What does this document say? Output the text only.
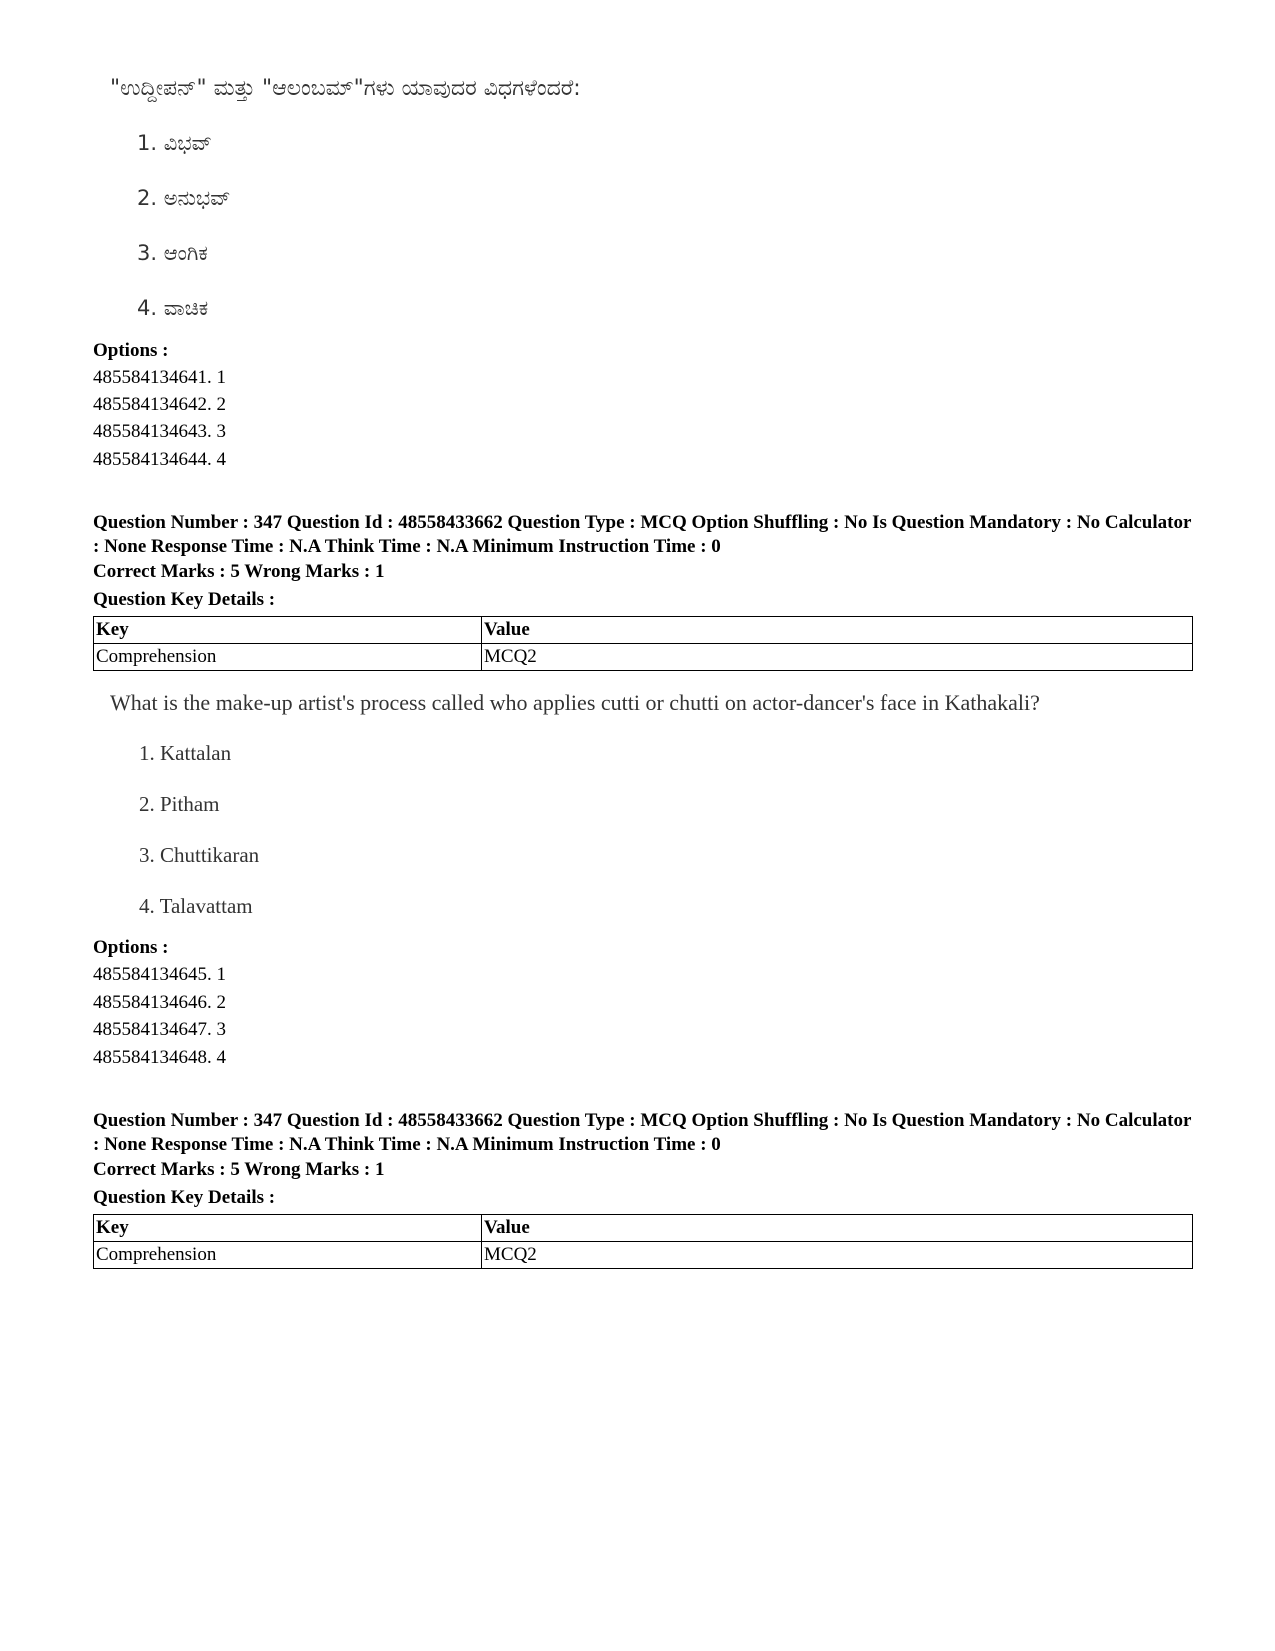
"ಉದ್ದೀಪನ್" ಮತ್ತು "ಆಲಂಬಮ್"ಗಳು ಯಾವುದರ ವಿಧಗಳೆಂದರೆ:
1. ವಿಭವ್
2. ಅನುಭವ್
3. ಆಂಗಿಕ
4. ವಾಚಿಕ
Options :
485584134641. 1
485584134642. 2
485584134643. 3
485584134644. 4
Question Number : 347 Question Id : 48558433662 Question Type : MCQ Option Shuffling : No Is Question Mandatory : No Calculator : None Response Time : N.A Think Time : N.A Minimum Instruction Time : 0
Correct Marks : 5 Wrong Marks : 1
Question Key Details :
Key	Value
Comprehension	MCQ2
What is the make-up artist's process called who applies cutti or chutti on actor-dancer's face in Kathakali?
1. Kattalan
2. Pitham
3. Chuttikaran
4. Talavattam
Options :
485584134645. 1
485584134646. 2
485584134647. 3
485584134648. 4
Question Number : 347 Question Id : 48558433662 Question Type : MCQ Option Shuffling : No Is Question Mandatory : No Calculator : None Response Time : N.A Think Time : N.A Minimum Instruction Time : 0
Correct Marks : 5 Wrong Marks : 1
Question Key Details :
Key	Value
Comprehension	MCQ2
